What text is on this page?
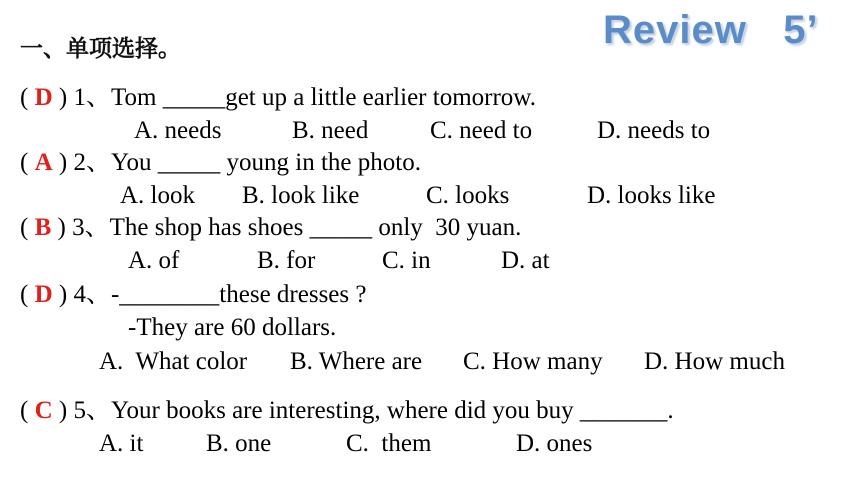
一、单项选择。	Review   5’
( D ) 1、Tom _____get up a little earlier tomorrow.
A. needs	B. need C. need to	D. needs to
( A ) 2、You _____ young in the photo.
A. look B. look like	C. looks	D. looks like
( B ) 3、The shop has shoes _____ only  30 yuan.
A. of	B. for	C. in	D. at
( D ) 4、-________these dresses ?
-They are 60 dollars.
A.  What color B. Where are C. How many D. How much
( C ) 5、Your books are interesting, where did you buy _______.
A. it	B. one	C.  them	D. ones
